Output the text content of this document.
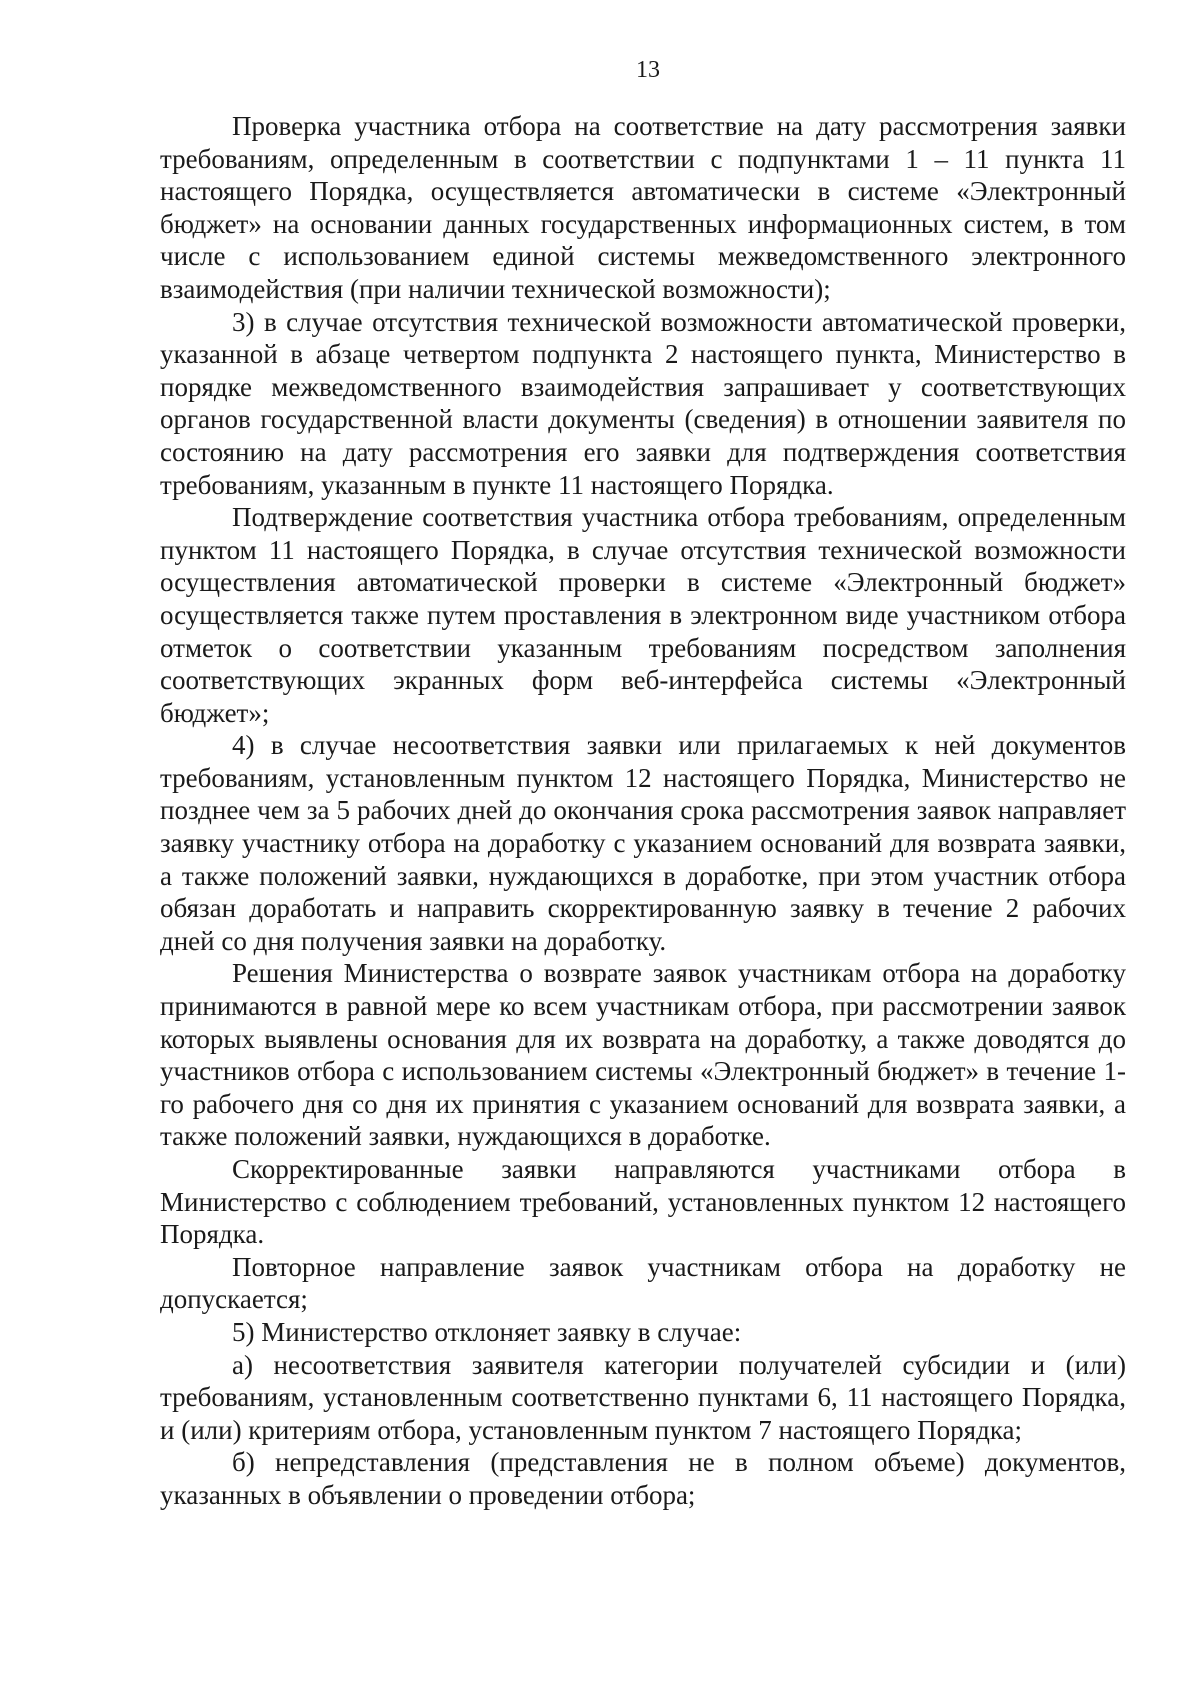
13

Проверка участника отбора на соответствие на дату рассмотрения заявки требованиям, определенным в соответствии с подпунктами 1 – 11 пункта 11 настоящего Порядка, осуществляется автоматически в системе «Электронный бюджет» на основании данных государственных информационных систем, в том числе с использованием единой системы межведомственного электронного взаимодействия (при наличии технической возможности);

3) в случае отсутствия технической возможности автоматической проверки, указанной в абзаце четвертом подпункта 2 настоящего пункта, Министерство в порядке межведомственного взаимодействия запрашивает у соответствующих органов государственной власти документы (сведения) в отношении заявителя по состоянию на дату рассмотрения его заявки для подтверждения соответствия требованиям, указанным в пункте 11 настоящего Порядка.

Подтверждение соответствия участника отбора требованиям, определенным пунктом 11 настоящего Порядка, в случае отсутствия технической возможности осуществления автоматической проверки в системе «Электронный бюджет» осуществляется также путем проставления в электронном виде участником отбора отметок о соответствии указанным требованиям посредством заполнения соответствующих экранных форм веб-интерфейса системы «Электронный бюджет»;

4) в случае несоответствия заявки или прилагаемых к ней документов требованиям, установленным пунктом 12 настоящего Порядка, Министерство не позднее чем за 5 рабочих дней до окончания срока рассмотрения заявок направляет заявку участнику отбора на доработку с указанием оснований для возврата заявки, а также положений заявки, нуждающихся в доработке, при этом участник отбора обязан доработать и направить скорректированную заявку в течение 2 рабочих дней со дня получения заявки на доработку.

Решения Министерства о возврате заявок участникам отбора на доработку принимаются в равной мере ко всем участникам отбора, при рассмотрении заявок которых выявлены основания для их возврата на доработку, а также доводятся до участников отбора с использованием системы «Электронный бюджет» в течение 1-го рабочего дня со дня их принятия с указанием оснований для возврата заявки, а также положений заявки, нуждающихся в доработке.

Скорректированные заявки направляются участниками отбора в Министерство с соблюдением требований, установленных пунктом 12 настоящего Порядка.

Повторное направление заявок участникам отбора на доработку не допускается;

5) Министерство отклоняет заявку в случае:

а) несоответствия заявителя категории получателей субсидии и (или) требованиям, установленным соответственно пунктами 6, 11 настоящего Порядка, и (или) критериям отбора, установленным пунктом 7 настоящего Порядка;

б) непредставления (представления не в полном объеме) документов, указанных в объявлении о проведении отбора;
